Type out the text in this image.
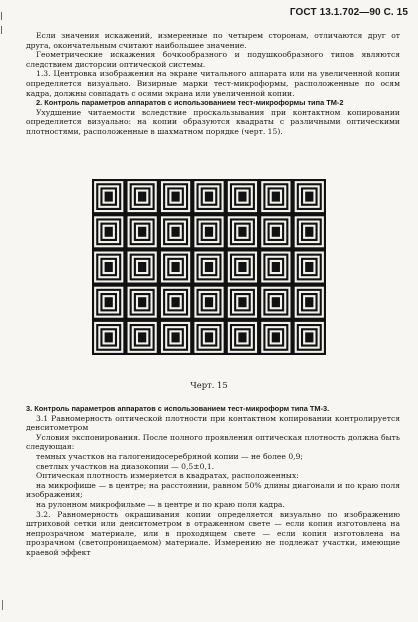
ГОСТ 13.1.702—90 С. 15

Если значения искажений, измеренные по четырем сторонам, отличаются друг от друга, окончательным считают наибольшее значение.

Геометрические искажения бочкообразного и подушкообразного типов являются следствием дисторсии оптической системы.

1.3. Центровка изображения на экране читального аппарата или на увеличенной копии определяется визуально. Визирные марки тест-микроформы, расположенные по осям кадра, должны совпадать с осями экрана или увеличенной копии.

2. Контроль параметров аппаратов с использованием тест-микроформы типа ТМ-2

Ухудшение читаемости вследствие проскальзывания при контактном копировании определяется визуально: на копии образуются квадраты с различными оптическими плотностями, расположенные в шахматном порядке (черт. 15).

Черт. 15

3. Контроль параметров аппаратов с использованием тест-микроформ типа ТМ-3.

3.1 Равномерность оптической плотности при контактном копировании контролируется денситометром

Условия экспонирования. После полного проявления оптическая плотность должна быть следующая:

темных участков на галогенидосеребряной копии — не более 0,9;

светлых участков на диазокопии — 0,5±0,1.

Оптическая плотность измеряется в квадратах, расположенных:

на микрофише — в центре; на расстоянии, равном 50% длины диагонали и по краю поля изображения;

на рулонном микрофильме — в центре и по краю поля кадра.

3.2. Равномерность окрашивания копии определяется визуально по изображению штриховой сетки или денситометром в отраженном свете — если копия изготовлена на непрозрачном материале, или в проходящем свете — если копия изготовлена на прозрачном (светопроницаемом) материале. Измерению не подлежат участки, имеющие краевой эффект
